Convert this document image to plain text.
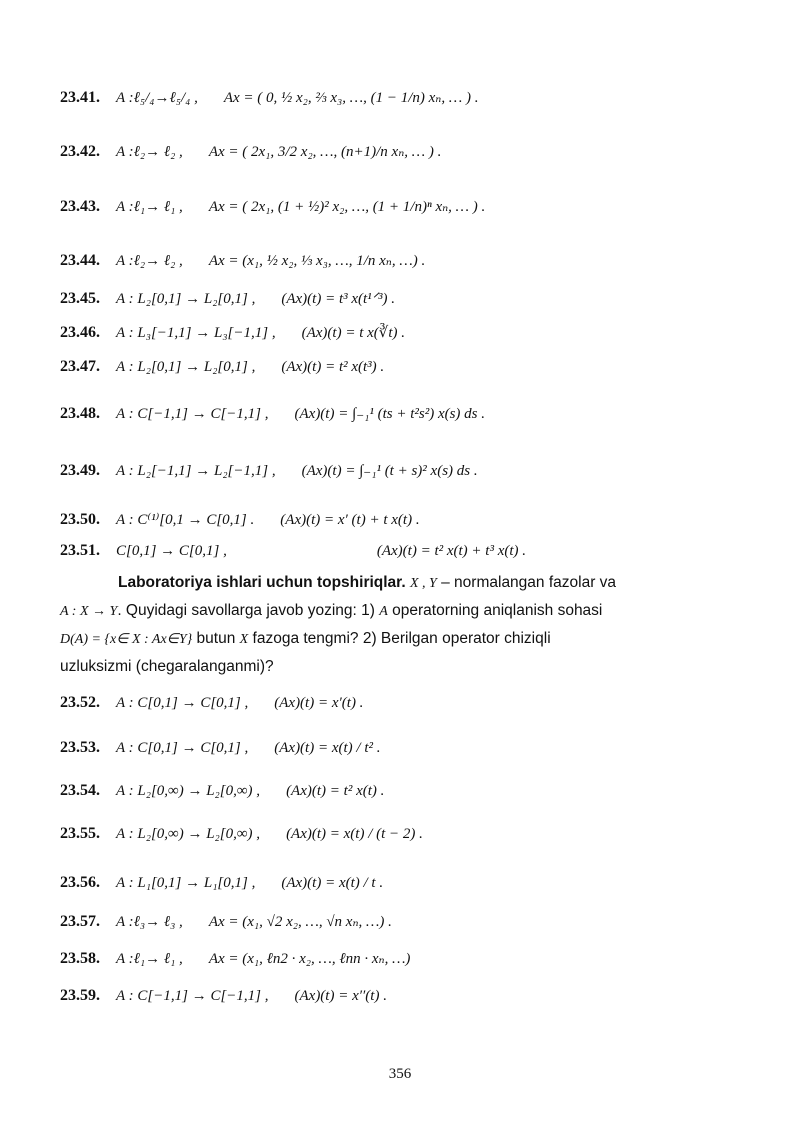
23.41. A :ℓ₅/₄→ℓ₅/₄ , Ax = ( 0, ½ x₂, ⅔ x₃, …, (1 − 1/n) xₙ, … ) .
23.42. A :ℓ₂→ ℓ₂ , Ax = ( 2x₁, 3/2 x₂, …, (n+1)/n xₙ, … ) .
23.43. A :ℓ₁→ ℓ₁ , Ax = ( 2x₁, (1 + ½)² x₂, …, (1 + 1/n)ⁿ xₙ, … ) .
23.44. A :ℓ₂→ ℓ₂ , Ax = (x₁, ½ x₂, ⅓ x₃, …, 1/n xₙ, …) .
23.45. A : L₂[0,1] → L₂[0,1] , (Ax)(t) = t³ x(t¹ᐟ³) .
23.46. A : L₃[−1,1] → L₃[−1,1] , (Ax)(t) = t x(∛t) .
23.47. A : L₂[0,1] → L₂[0,1] , (Ax)(t) = t² x(t³) .
23.48. A : C[−1,1] → C[−1,1] , (Ax)(t) = ∫₋₁¹ (ts + t²s²) x(s) ds .
23.49. A : L₂[−1,1] → L₂[−1,1] , (Ax)(t) = ∫₋₁¹ (t + s)² x(s) ds .
23.50. A : C⁽¹⁾[0,1 → C[0,1] . (Ax)(t) = x′ (t) + t x(t) .
23.51. C[0,1] → C[0,1] ,	(Ax)(t) = t² x(t) + t³ x(t) .
Laboratoriya ishlari uchun topshiriqlar. X , Y – normalangan fazolar va
A : X → Y. Quyidagi savollarga javob yozing: 1) A operatorning aniqlanish sohasi
D(A) = {x∈ X : Ax∈Y} butun X fazoga tengmi? 2) Berilgan operator chiziqli
uzluksizmi (chegaralanganmi)?
23.52. A : C[0,1] → C[0,1] , (Ax)(t) = x′(t) .
23.53. A : C[0,1] → C[0,1] , (Ax)(t) = x(t) / t² .
23.54. A : L₂[0,∞) → L₂[0,∞) , (Ax)(t) = t² x(t) .
23.55. A : L₂[0,∞) → L₂[0,∞) , (Ax)(t) = x(t) / (t − 2) .
23.56. A : L₁[0,1] → L₁[0,1] , (Ax)(t) = x(t) / t .
23.57. A :ℓ₃→ ℓ₃ , Ax = (x₁, √2 x₂, …, √n xₙ, …) .
23.58. A :ℓ₁→ ℓ₁ , Ax = (x₁, ℓn2 · x₂, …, ℓnn · xₙ, …)
23.59. A : C[−1,1] → C[−1,1] , (Ax)(t) = x′′(t) .
356
